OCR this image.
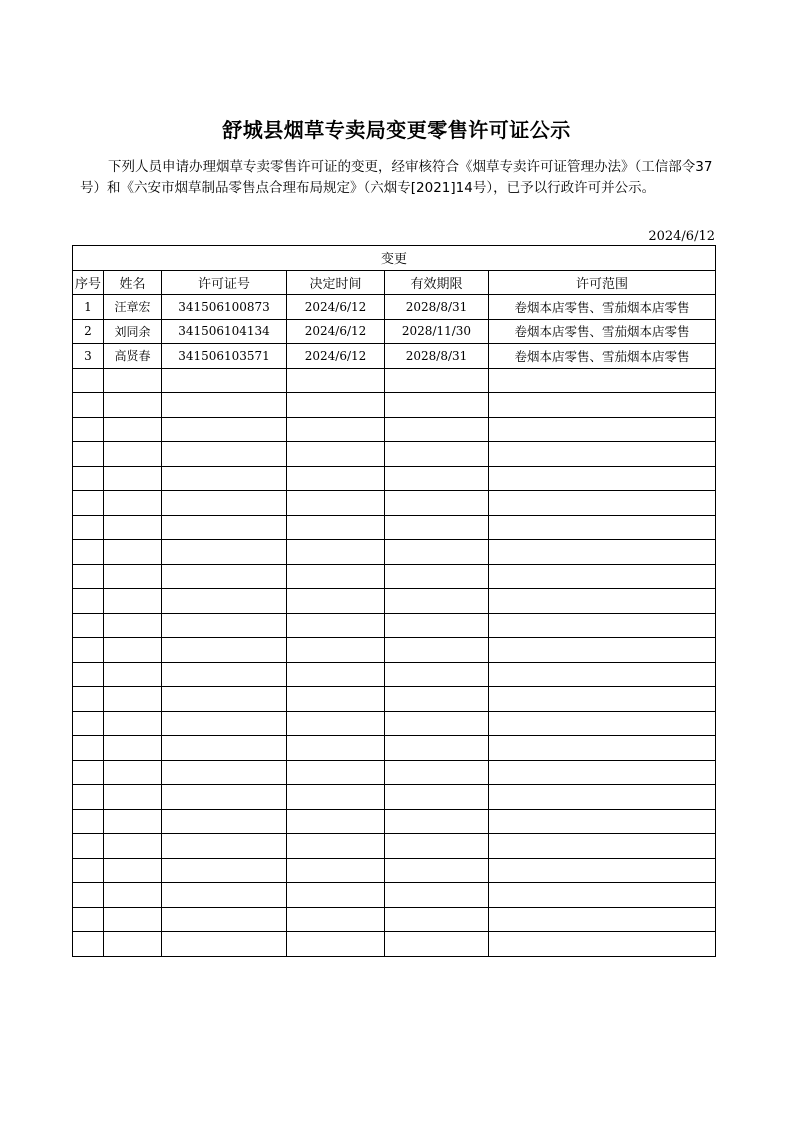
舒城县烟草专卖局变更零售许可证公示
下列人员申请办理烟草专卖零售许可证的变更，经审核符合《烟草专卖许可证管理办法》（工信部令37号）和《六安市烟草制品零售点合理布局规定》（六烟专[2021]14号），已予以行政许可并公示。
2024/6/12
变更					
序号	姓名	许可证号	决定时间	有效期限	许可范围
1	汪章宏	341506100873	2024/6/12	2028/8/31	卷烟本店零售、雪茄烟本店零售
2	刘同余	341506104134	2024/6/12	2028/11/30	卷烟本店零售、雪茄烟本店零售
3	高贤春	341506103571	2024/6/12	2028/8/31	卷烟本店零售、雪茄烟本店零售
